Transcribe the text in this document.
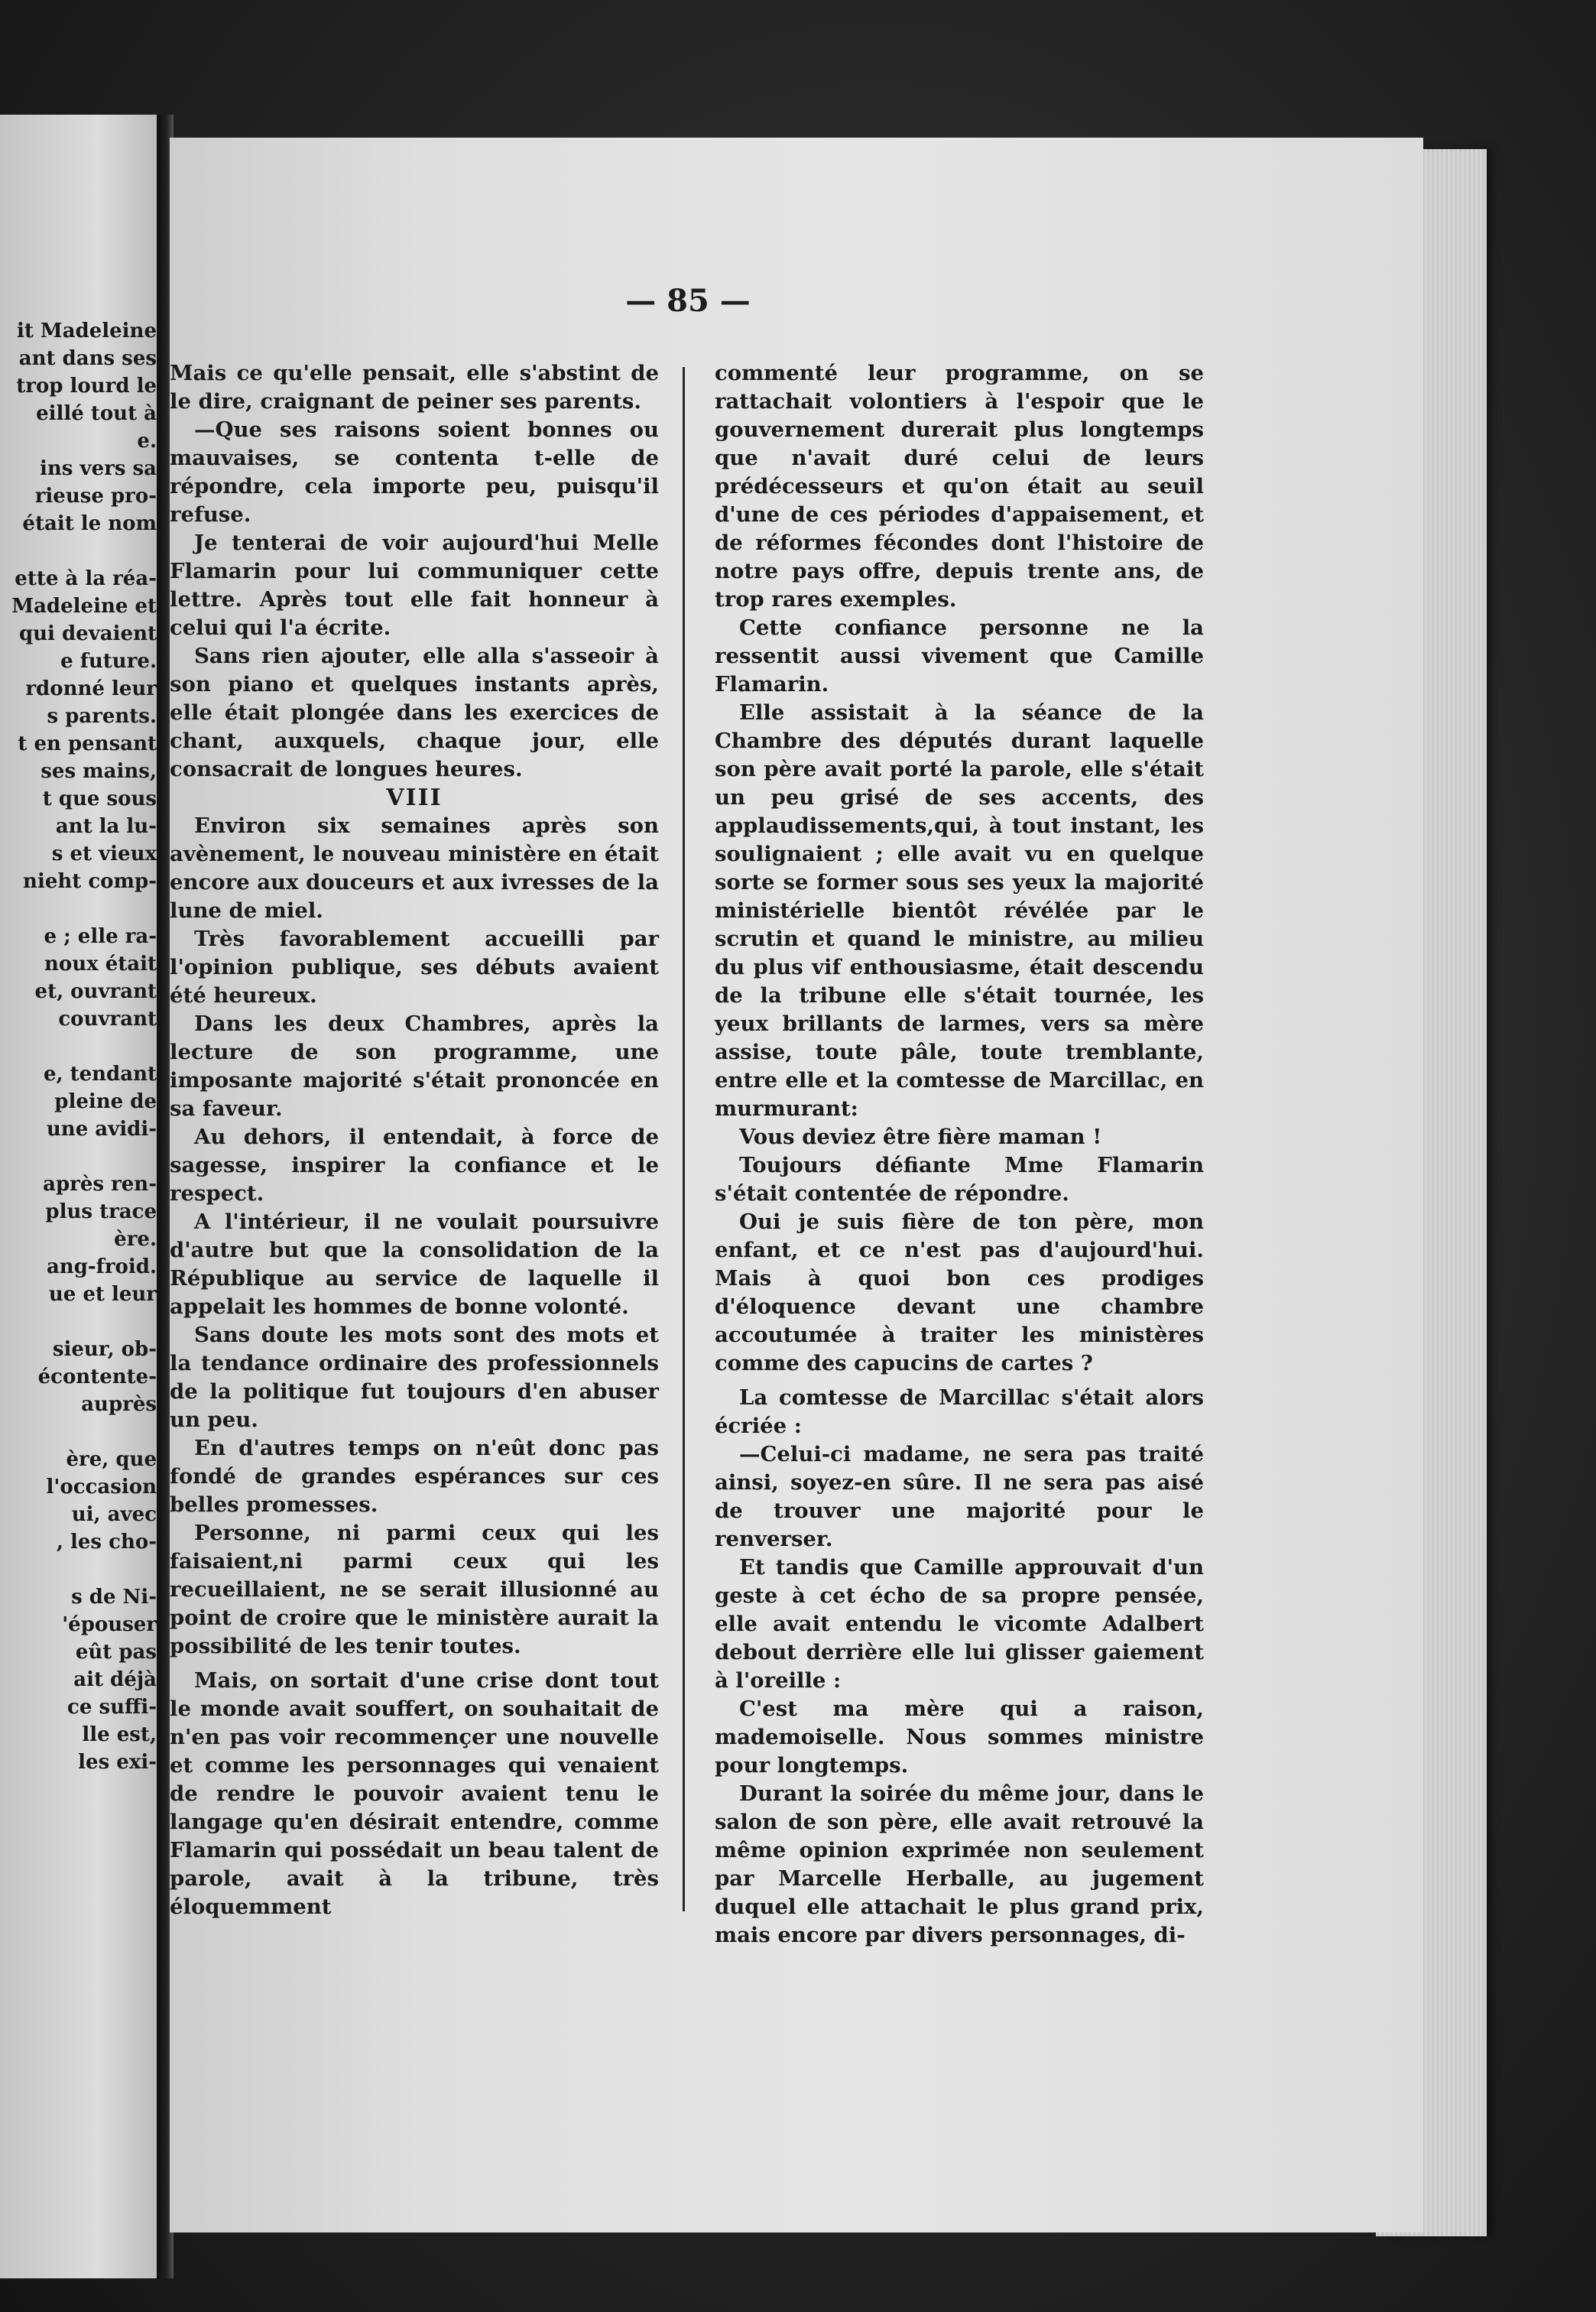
it Madeleine
ant dans ses
trop lourd le
eillé tout à
e.
ins vers sa
rieuse pro-
était le nom
ette à la réa-
Madeleine et
qui devaient
e future.
rdonné leur
s parents.
t en pensant
ses mains,
t que sous
ant la lu-
s et vieux
nieht comp-
e ; elle ra-
noux était
et, ouvrant
couvrant
e, tendant
pleine de
une avidi-
après ren-
plus trace
ère.
ang-froid.
ue et leur
sieur, ob-
écontente-
auprès
ère, que
l'occasion
ui, avec
, les cho-
s de Ni-
'épouser
eût pas
ait déjà
ce suffi-
lle est,
les exi-
— 85 —

Mais ce qu'elle pensait, elle s'abstint de le dire, craignant de peiner ses parents.

—Que ses raisons soient bonnes ou mauvaises, se contenta t-elle de répondre, cela importe peu, puisqu'il refuse.

Je tenterai de voir aujourd'hui Melle Flamarin pour lui communiquer cette lettre. Après tout elle fait honneur à celui qui l'a écrite.

Sans rien ajouter, elle alla s'asseoir à son piano et quelques instants après, elle était plongée dans les exercices de chant, auxquels, chaque jour, elle consacrait de longues heures.

VIII

Environ six semaines après son avènement, le nouveau ministère en était encore aux douceurs et aux ivresses de la lune de miel.

Très favorablement accueilli par l'opinion publique, ses débuts avaient été heureux.

Dans les deux Chambres, après la lecture de son programme, une imposante majorité s'était prononcée en sa faveur.

Au dehors, il entendait, à force de sagesse, inspirer la confiance et le respect.

A l'intérieur, il ne voulait poursuivre d'autre but que la consolidation de la République au service de laquelle il appelait les hommes de bonne volonté.

Sans doute les mots sont des mots et la tendance ordinaire des professionnels de la politique fut toujours d'en abuser un peu.

En d'autres temps on n'eût donc pas fondé de grandes espérances sur ces belles promesses.

Personne, ni parmi ceux qui les faisaient,ni parmi ceux qui les recueillaient, ne se serait illusionné au point de croire que le ministère aurait la possibilité de les tenir toutes.

Mais, on sortait d'une crise dont tout le monde avait souffert, on souhaitait de n'en pas voir recommençer une nouvelle et comme les personnages qui venaient de rendre le pouvoir avaient tenu le langage qu'en désirait entendre, comme Flamarin qui possédait un beau talent de parole, avait à la tribune, très éloquemment

commenté leur programme, on se rattachait volontiers à l'espoir que le gouvernement durerait plus longtemps que n'avait duré celui de leurs prédécesseurs et qu'on était au seuil d'une de ces périodes d'appaisement, et de réformes fécondes dont l'histoire de notre pays offre, depuis trente ans, de trop rares exemples.

Cette confiance personne ne la ressentit aussi vivement que Camille Flamarin.

Elle assistait à la séance de la Chambre des députés durant laquelle son père avait porté la parole, elle s'était un peu grisé de ses accents, des applaudissements,qui, à tout instant, les soulignaient ; elle avait vu en quelque sorte se former sous ses yeux la majorité ministérielle bientôt révélée par le scrutin et quand le ministre, au milieu du plus vif enthousiasme, était descendu de la tribune elle s'était tournée, les yeux brillants de larmes, vers sa mère assise, toute pâle, toute tremblante, entre elle et la comtesse de Marcillac, en murmurant:

Vous deviez être fière maman !

Toujours défiante Mme Flamarin s'était contentée de répondre.

Oui je suis fière de ton père, mon enfant, et ce n'est pas d'aujourd'hui. Mais à quoi bon ces prodiges d'éloquence devant une chambre accoutumée à traiter les ministères comme des capucins de cartes ?

La comtesse de Marcillac s'était alors écriée :

—Celui-ci madame, ne sera pas traité ainsi, soyez-en sûre. Il ne sera pas aisé de trouver une majorité pour le renverser.

Et tandis que Camille approuvait d'un geste à cet écho de sa propre pensée, elle avait entendu le vicomte Adalbert debout derrière elle lui glisser gaiement à l'oreille :

C'est ma mère qui a raison, mademoiselle. Nous sommes ministre pour longtemps.

Durant la soirée du même jour, dans le salon de son père, elle avait retrouvé la même opinion exprimée non seulement par Marcelle Herballe, au jugement duquel elle attachait le plus grand prix, mais encore par divers personnages, di-
